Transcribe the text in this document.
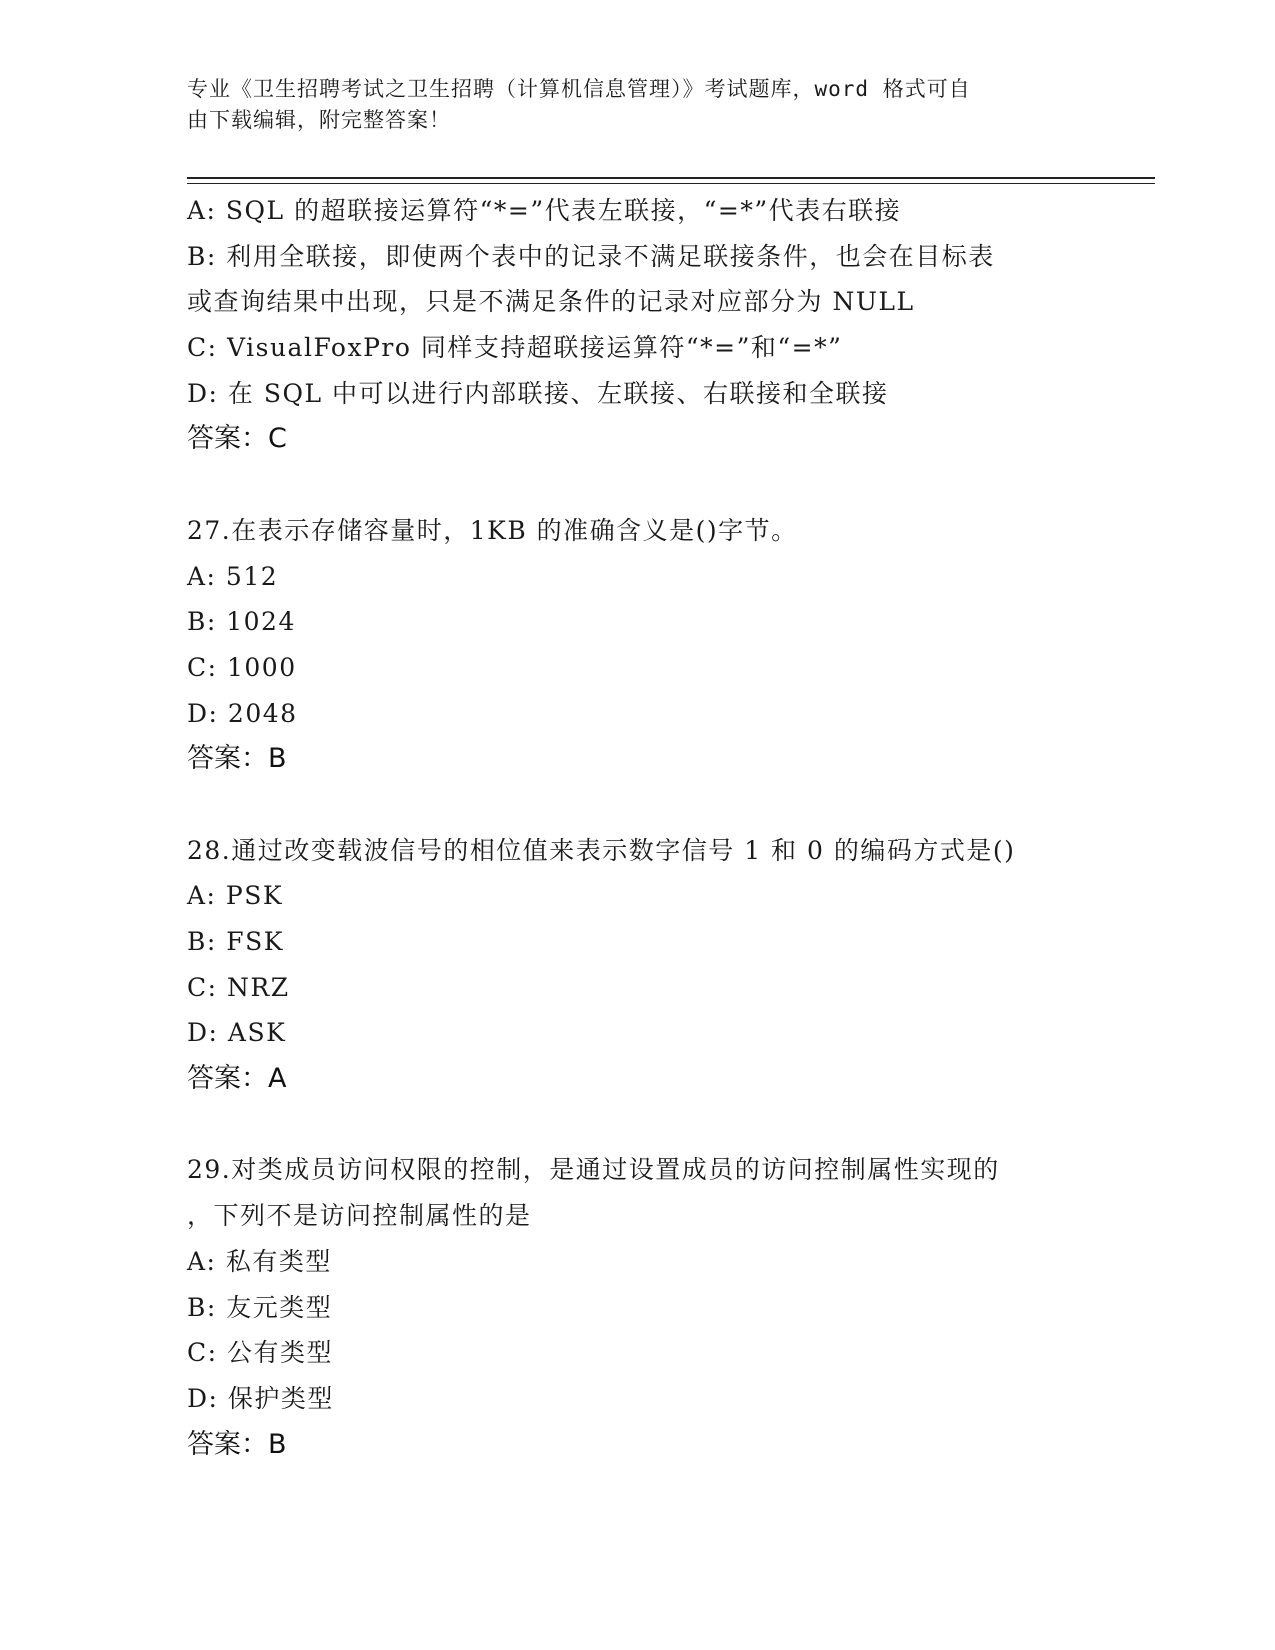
专业《卫生招聘考试之卫生招聘（计算机信息管理）》考试题库，word 格式可自
由下载编辑，附完整答案！
A: SQL 的超联接运算符“*=”代表左联接，“=*”代表右联接
B: 利用全联接，即使两个表中的记录不满足联接条件，也会在目标表
或查询结果中出现，只是不满足条件的记录对应部分为 NULL
C: VisualFoxPro 同样支持超联接运算符“*=”和“=*”
D: 在 SQL 中可以进行内部联接、左联接、右联接和全联接
答案：C
27.在表示存储容量时，1KB 的准确含义是()字节。
A: 512
B: 1024
C: 1000
D: 2048
答案：B
28.通过改变载波信号的相位值来表示数字信号 1 和 0 的编码方式是()
A: PSK
B: FSK
C: NRZ
D: ASK
答案：A
29.对类成员访问权限的控制，是通过设置成员的访问控制属性实现的
，下列不是访问控制属性的是
A: 私有类型
B: 友元类型
C: 公有类型
D: 保护类型
答案：B
